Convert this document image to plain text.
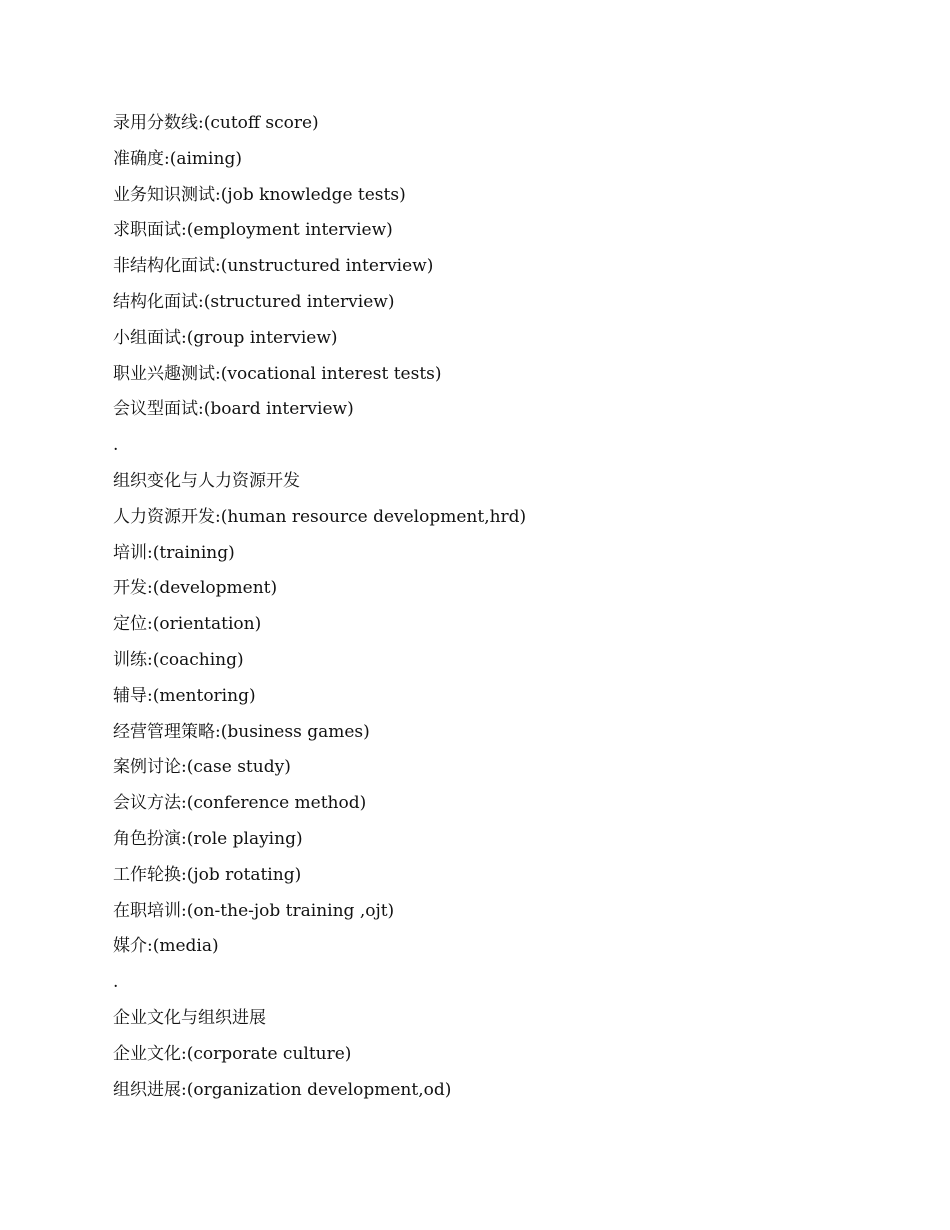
录用分数线:(cutoff score)
准确度:(aiming)
业务知识测试:(job knowledge tests)
求职面试:(employment interview)
非结构化面试:(unstructured interview)
结构化面试:(structured interview)
小组面试:(group interview)
职业兴趣测试:(vocational interest tests)
会议型面试:(board interview)
.
组织变化与人力资源开发
人力资源开发:(human resource development,hrd)
培训:(training)
开发:(development)
定位:(orientation)
训练:(coaching)
辅导:(mentoring)
经营管理策略:(business games)
案例讨论:(case study)
会议方法:(conference method)
角色扮演:(role playing)
工作轮换:(job rotating)
在职培训:(on-the-job training ,ojt)
媒介:(media)
.
企业文化与组织进展
企业文化:(corporate culture)
组织进展:(organization development,od)
